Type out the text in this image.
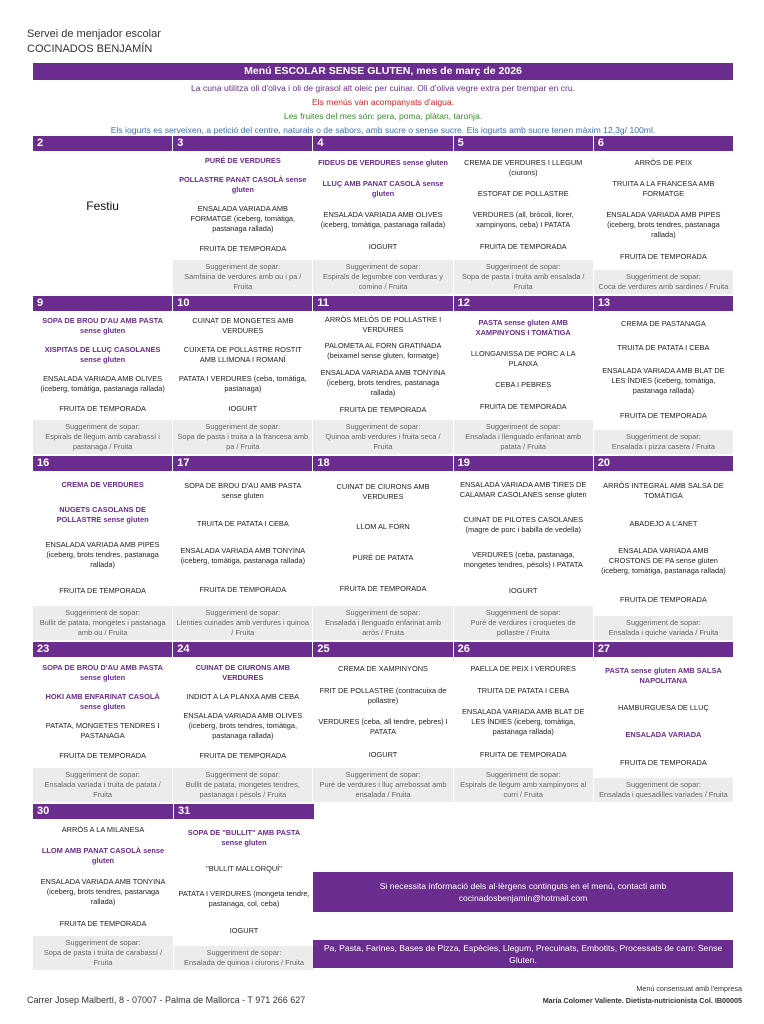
Servei de menjador escolar
COCINADOS BENJAMÍN
Menú ESCOLAR SENSE GLUTEN, mes de març de 2026
La cuna utilitza oli d'oliva i oli de girasol alt oleic per cuinar. Oli d'oliva vegre extra per trempar en cru.
Els menús van acompanyats d'aigua.
Les fruites del mes són: pera, poma, plàtan, taronja.
Els iogurts es serveixen, a petició del centre, naturals o de sabors, amb sucre o sense sucre. Els iogurts amb sucre tenen màxim 12,3g/ 100ml.
2
Festiu
3
PURÉ DE VERDURES
POLLASTRE PANAT CASOLÀ sense gluten
ENSALADA VARIADA AMB FORMATGE (iceberg, tomàtiga, pastanaga rallada)
FRUITA DE TEMPORADA
Suggeriment de sopar:
Samfaina de verdures amb ou i pa / Fruita
4
FIDEUS DE VERDURES sense gluten
LLUÇ AMB PANAT CASOLÀ sense gluten
ENSALADA VARIADA AMB OLIVES (iceberg, tomàtiga, pastanaga rallada)
IOGURT
Suggeriment de sopar:
Espirals de legumbre con verduras y comino / Fruita
5
CREMA DE VERDURES I LLEGUM (ciurons)
ESTOFAT DE POLLASTRE
VERDURES (all, bròcoli, llorer, xampinyons, ceba) I PATATA
FRUITA DE TEMPORADA
Suggeriment de sopar:
Sopa de pasta i truita amb ensalada / Fruita
6
ARRÒS DE PEIX
TRUITA A LA FRANCESA AMB FORMATGE
ENSALADA VARIADA AMB PIPES (iceberg, brots tendres, pastanaga rallada)
FRUITA DE TEMPORADA
Suggeriment de sopar:
Coca de verdures amb sardines / Fruita
9
SOPA DE BROU D'AU AMB PASTA sense gluten
XISPITAS DE LLUÇ CASOLANES sense gluten
ENSALADA VARIADA AMB OLIVES (iceberg, tomàtiga, pastanaga rallada)
FRUITA DE TEMPORADA
Suggeriment de sopar:
Espirals de llegum amb carabassí i pastanaga / Fruita
10
CUINAT DE MONGETES AMB VERDURES
CUIXETA DE POLLASTRE ROSTIT AMB LLIMONA I ROMANÍ
PATATA I VERDURES (ceba, tomàtiga, pastanaga)
IOGURT
Suggeriment de sopar:
Sopa de pasta i truita a la francesa amb pa / Fruita
11
ARRÒS MELÓS DE POLLASTRE I VERDURES
PALOMETA AL FORN GRATINADA (beixamel sense gluten, formatge)
ENSALADA VARIADA AMB TONYINA (iceberg, brots tendres, pastanaga rallada)
FRUITA DE TEMPORADA
Suggeriment de sopar:
Quinoa amb verdures i fruita seca / Fruita
12
PASTA sense gluten AMB XAMPINYONS I TOMÀTIGA
LLONGANISSA DE PORC A LA PLANXA
CEBA I PEBRES
FRUITA DE TEMPORADA
Suggeriment de sopar:
Ensalada i llenguado enfarinat amb patata / Fruita
13
CREMA DE PASTANAGA
TRUITA DE PATATA I CEBA
ENSALADA VARIADA AMB BLAT DE LES ÍNDIES (iceberg, tomàtiga, pastanaga rallada)
FRUITA DE TEMPORADA
Suggeriment de sopar:
Ensalada i pizza casera / Fruita
16
CREMA DE VERDURES
NUGETS CASOLANS DE POLLASTRE sense gluten
ENSALADA VARIADA AMB PIPES (iceberg, brots tendres, pastanaga rallada)
FRUITA DE TEMPORADA
Suggeriment de sopar:
Bullit de patata, mongetes i pastanaga amb ou / Fruita
17
SOPA DE BROU D'AU AMB PASTA sense gluten
TRUITA DE PATATA I CEBA
ENSALADA VARIADA AMB TONYINA (iceberg, tomàtiga, pastanaga rallada)
FRUITA DE TEMPORADA
Suggeriment de sopar:
Llenties cuinades amb verdures i quinoa / Fruita
18
CUINAT DE CIURONS AMB VERDURES
LLOM AL FORN
PURÉ DE PATATA
FRUITA DE TEMPORADA
Suggeriment de sopar:
Ensalada i llenguado enfarinat amb arròs / Fruita
19
ENSALADA VARIADA AMB TIRES DE CALAMAR CASOLANES sense gluten
CUINAT DE PILOTES CASOLANES (magre de porc i babilla de vedella)
VERDURES (ceba, pastanaga, mongetes tendres, pèsols) I PATATA
IOGURT
Suggeriment de sopar:
Puré de verdures i croquetes de pollastre / Fruita
20
ARRÒS INTEGRAL AMB SALSA DE TOMÀTIGA
ABADEJO A L'ANET
ENSALADA VARIADA AMB CROSTONS DE PA sense gluten (iceberg, tomàtiga, pastanaga rallada)
FRUITA DE TEMPORADA
Suggeriment de sopar:
Ensalada i quiche variada / Fruita
23
SOPA DE BROU D'AU AMB PASTA sense gluten
HOKI AMB ENFARINAT CASOLÀ sense gluten
PATATA, MONGETES TENDRES I PASTANAGA
FRUITA DE TEMPORADA
Suggeriment de sopar:
Ensalada variada i truita de patata / Fruita
24
CUINAT DE CIURONS AMB VERDURES
INDIOT A LA PLANXA AMB CEBA
ENSALADA VARIADA AMB OLIVES (iceberg, brots tendres, tomàtiga, pastanaga rallada)
FRUITA DE TEMPORADA
Suggeriment de sopar:
Bullit de patata, mongetes tendres, pastanaga i pèsols / Fruita
25
CREMA DE XAMPINYONS
FRIT DE POLLASTRE (contracuixa de pollastre)
VERDURES (ceba, all tendre, pebres) I PATATA
IOGURT
Suggeriment de sopar:
Puré de verdures i lluç arrebossat amb ensalada / Fruita
26
PAELLA DE PEIX I VERDURES
TRUITA DE PATATA I CEBA
ENSALADA VARIADA AMB BLAT DE LES ÍNDIES (iceberg, tomàtiga, pastanaga rallada)
FRUITA DE TEMPORADA
Suggeriment de sopar:
Espirals de llegum amb xampinyons al curri / Fruita
27
PASTA sense gluten AMB SALSA NAPOLITANA
HAMBURGUESA DE LLUÇ
ENSALADA VARIADA
FRUITA DE TEMPORADA
Suggeriment de sopar:
Ensalada i quesadilles variades / Fruita
30
ARRÒS A LA MILANESA
LLOM AMB PANAT CASOLÀ sense gluten
ENSALADA VARIADA AMB TONYINA (iceberg, brots tendres, pastanaga rallada)
FRUITA DE TEMPORADA
Suggeriment de sopar:
Sopa de pasta i truita de carabassí / Fruita
31
SOPA DE "BULLIT" AMB PASTA sense gluten
"BULLIT MALLORQUÍ"
PATATA I VERDURES (mongeta tendre, pastanaga, col, ceba)
IOGURT
Suggeriment de sopar:
Ensalada de quinoa i ciurons / Fruita
Si necessita informació dels al·lèrgens continguts en el menú, contacti amb cocinadosbenjamin@hotmail.com
Pa, Pasta, Farines, Bases de Pizza, Espècies, Llegum, Precuinats, Embotits, Processats de carn: Sense Gluten.
Carrer Josep Malbertí, 8 - 07007 - Palma de Mallorca - T 971 266 627
Menú consensuat amb l'empresa
María Colomer Valiente. Dietista-nutricionista Col. IB00005
